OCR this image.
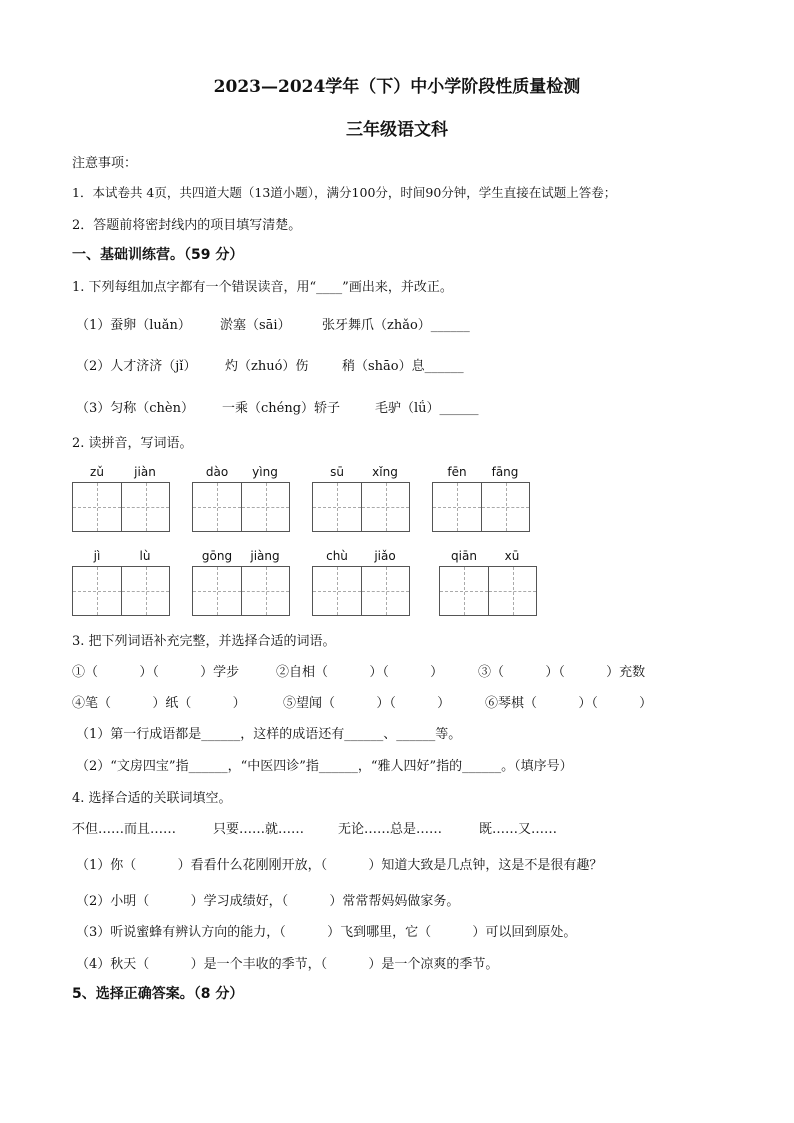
2023—2024学年（下）中小学阶段性质量检测
三年级语文科
注意事项：
1．本试卷共 4页，共四道大题（13道小题），满分100分，时间90分钟，学生直接在试题上答卷；
2．答题前将密封线内的项目填写清楚。
一、基础训练营。（59 分）
1. 下列每组加点字都有一个错误读音，用“____”画出来，并改正。
（1）蚕卵（luǎn） 淤塞（sāi） 张牙舞爪（zhǎo）______
（2）人才济济（jǐ） 灼（zhuó）伤	稍（shāo）息______
（3）匀称（chèn） 一乘（chéng）轿子	毛驴（lǘ）______
2. 读拼音，写词语。
zǔ	jiàn	dào	yìng	sū	xǐng	fēn	fāng
jì	lù	gōng	jiàng	chù	jiǎo	qiān	xū
3. 把下列词语补充完整，并选择合适的词语。
①（          ）（          ）学步	②自相（          ）（          ）	③（          ）（          ）充数
④笔（          ）纸（          ）	⑤望闻（          ）（          ）	⑥琴棋（          ）（          ）
（1）第一行成语都是______，这样的成语还有______、______等。
（2）“文房四宝”指______，“中医四诊”指______，“雅人四好”指的______。（填序号）
4. 选择合适的关联词填空。
不但……而且……	只要……就……	无论……总是……	既……又……
（1）你（          ）看看什么花刚刚开放，（          ）知道大致是几点钟，这是不是很有趣？
（2）小明（          ）学习成绩好，（          ）常常帮妈妈做家务。
（3）听说蜜蜂有辨认方向的能力，（          ）飞到哪里，它（          ）可以回到原处。
（4）秋天（          ）是一个丰收的季节，（          ）是一个凉爽的季节。
5、选择正确答案。（8 分）
